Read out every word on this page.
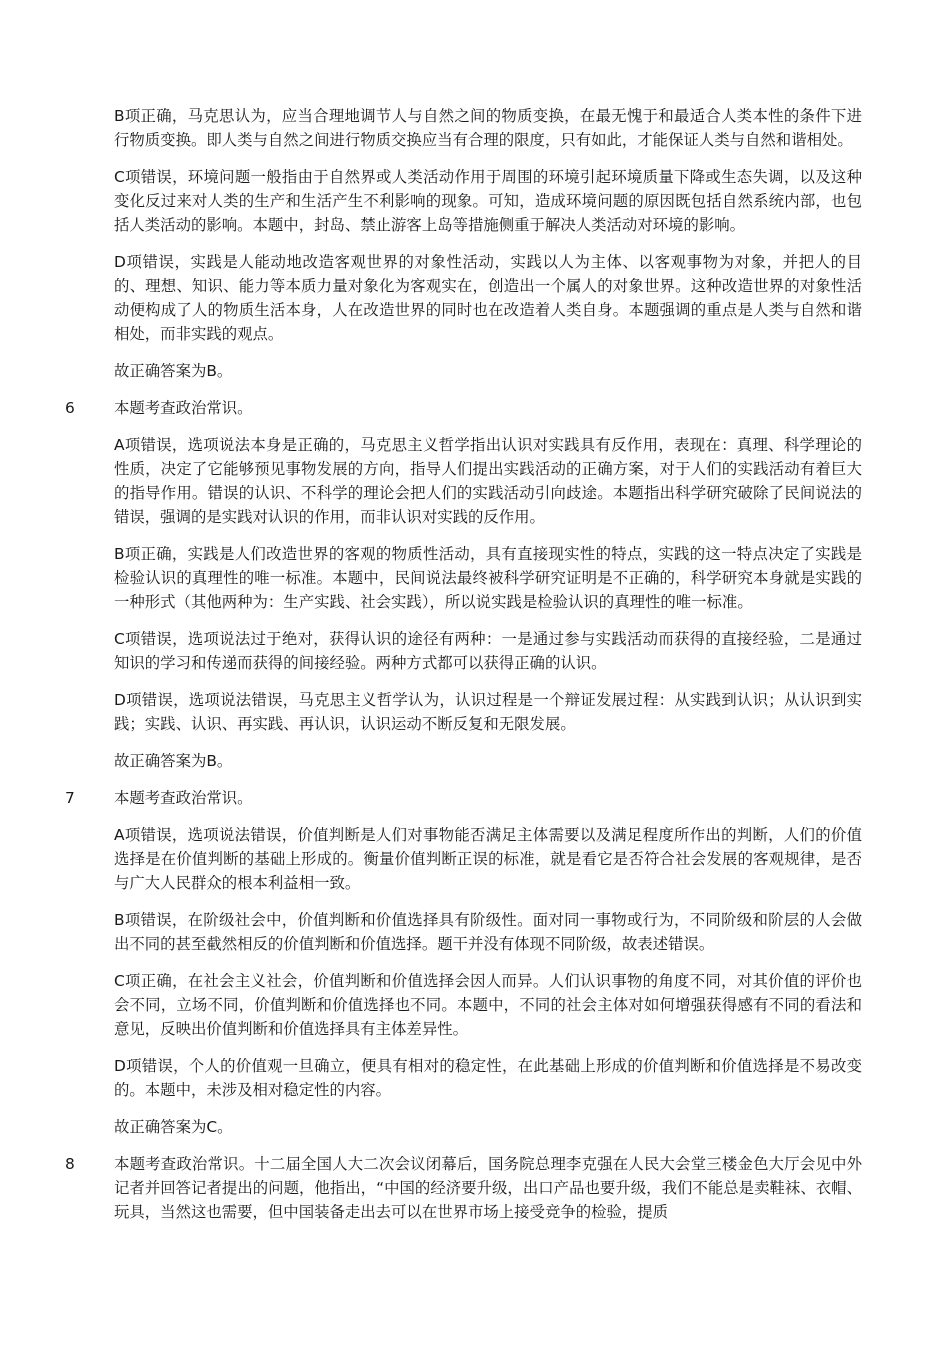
B项正确，马克思认为，应当合理地调节人与自然之间的物质变换，在最无愧于和最适合人类本性的条件下进行物质变换。即人类与自然之间进行物质交换应当有合理的限度，只有如此，才能保证人类与自然和谐相处。

C项错误，环境问题一般指由于自然界或人类活动作用于周围的环境引起环境质量下降或生态失调，以及这种变化反过来对人类的生产和生活产生不利影响的现象。可知，造成环境问题的原因既包括自然系统内部，也包括人类活动的影响。本题中，封岛、禁止游客上岛等措施侧重于解决人类活动对环境的影响。

D项错误，实践是人能动地改造客观世界的对象性活动，实践以人为主体、以客观事物为对象，并把人的目的、理想、知识、能力等本质力量对象化为客观实在，创造出一个属人的对象世界。这种改造世界的对象性活动便构成了人的物质生活本身，人在改造世界的同时也在改造着人类自身。本题强调的重点是人类与自然和谐相处，而非实践的观点。

故正确答案为B。

6	本题考查政治常识。

A项错误，选项说法本身是正确的，马克思主义哲学指出认识对实践具有反作用，表现在：真理、科学理论的性质，决定了它能够预见事物发展的方向，指导人们提出实践活动的正确方案，对于人们的实践活动有着巨大的指导作用。错误的认识、不科学的理论会把人们的实践活动引向歧途。本题指出科学研究破除了民间说法的错误，强调的是实践对认识的作用，而非认识对实践的反作用。

B项正确，实践是人们改造世界的客观的物质性活动，具有直接现实性的特点，实践的这一特点决定了实践是检验认识的真理性的唯一标准。本题中，民间说法最终被科学研究证明是不正确的，科学研究本身就是实践的一种形式（其他两种为：生产实践、社会实践），所以说实践是检验认识的真理性的唯一标准。

C项错误，选项说法过于绝对，获得认识的途径有两种：一是通过参与实践活动而获得的直接经验，二是通过知识的学习和传递而获得的间接经验。两种方式都可以获得正确的认识。

D项错误，选项说法错误，马克思主义哲学认为，认识过程是一个辩证发展过程：从实践到认识；从认识到实践；实践、认识、再实践、再认识，认识运动不断反复和无限发展。

故正确答案为B。

7	本题考查政治常识。

A项错误，选项说法错误，价值判断是人们对事物能否满足主体需要以及满足程度所作出的判断，人们的价值选择是在价值判断的基础上形成的。衡量价值判断正误的标准，就是看它是否符合社会发展的客观规律，是否与广大人民群众的根本利益相一致。

B项错误，在阶级社会中，价值判断和价值选择具有阶级性。面对同一事物或行为，不同阶级和阶层的人会做出不同的甚至截然相反的价值判断和价值选择。题干并没有体现不同阶级，故表述错误。

C项正确，在社会主义社会，价值判断和价值选择会因人而异。人们认识事物的角度不同，对其价值的评价也会不同，立场不同，价值判断和价值选择也不同。本题中，不同的社会主体对如何增强获得感有不同的看法和意见，反映出价值判断和价值选择具有主体差异性。

D项错误，个人的价值观一旦确立，便具有相对的稳定性，在此基础上形成的价值判断和价值选择是不易改变的。本题中，未涉及相对稳定性的内容。

故正确答案为C。

8	本题考查政治常识。十二届全国人大二次会议闭幕后，国务院总理李克强在人民大会堂三楼金色大厅会见中外记者并回答记者提出的问题，他指出，“中国的经济要升级，出口产品也要升级，我们不能总是卖鞋袜、衣帽、玩具，当然这也需要，但中国装备走出去可以在世界市场上接受竞争的检验，提质
